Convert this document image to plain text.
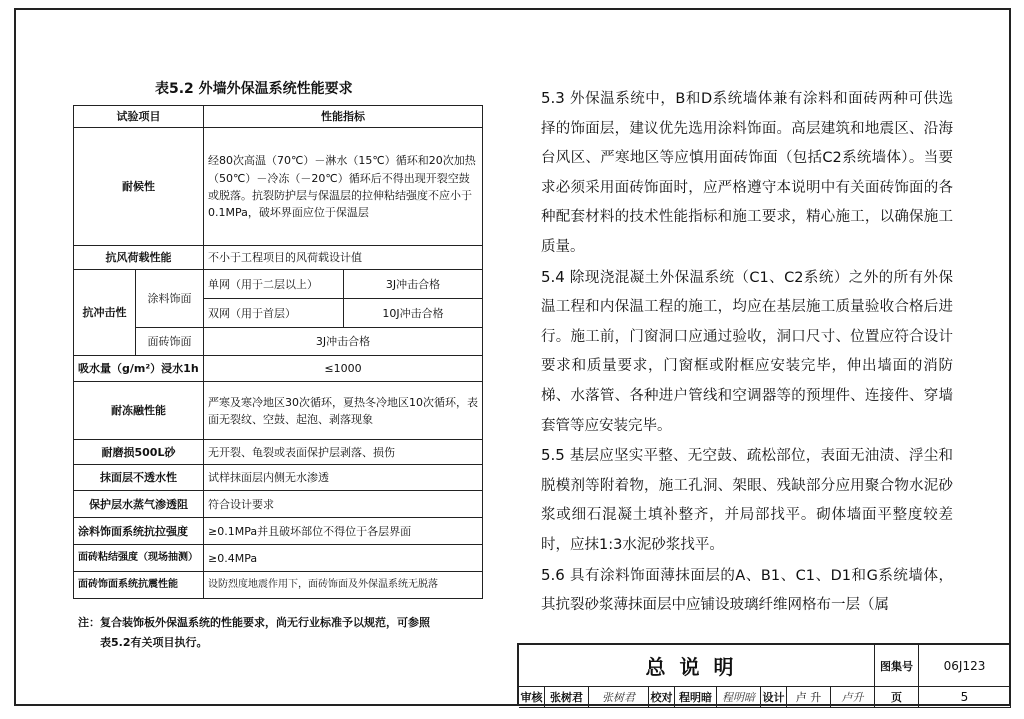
表5.2 外墙外保温系统性能要求
试验项目		性能指标	
耐候性		经80次高温（70℃）－淋水（15℃）循环和20次加热（50℃）－冷冻（－20℃）循环后不得出现开裂空鼓或脱落。抗裂防护层与保温层的拉伸粘结强度不应小于0.1MPa，破坏界面应位于保温层	
抗风荷载性能		不小于工程项目的风荷载设计值	
抗冲击性	涂料饰面	单网（用于二层以上）	3J冲击合格
		双网（用于首层）	10J冲击合格
	面砖饰面	3J冲击合格	
吸水量（g/m²）浸水1h		≤1000	
耐冻融性能		严寒及寒冷地区30次循环，夏热冬冷地区10次循环，表面无裂纹、空鼓、起泡、剥落现象	
耐磨损500L砂		无开裂、龟裂或表面保护层剥落、损伤	
抹面层不透水性		试样抹面层内侧无水渗透	
保护层水蒸气渗透阻		符合设计要求	
涂料饰面系统抗拉强度		≥0.1MPa并且破坏部位不得位于各层界面	
面砖粘结强度（现场抽测）		≥0.4MPa	
面砖饰面系统抗震性能		设防烈度地震作用下，面砖饰面及外保温系统无脱落	
注：复合装饰板外保温系统的性能要求，尚无行业标准予以规范，可参照
表5.2有关项目执行。

5.3 外保温系统中，B和D系统墙体兼有涂料和面砖两种可供选择的饰面层，建议优先选用涂料饰面。高层建筑和地震区、沿海台风区、严寒地区等应慎用面砖饰面（包括C2系统墙体）。当要求必须采用面砖饰面时，应严格遵守本说明中有关面砖饰面的各种配套材料的技术性能指标和施工要求，精心施工，以确保施工质量。

5.4 除现浇混凝土外保温系统（C1、C2系统）之外的所有外保温工程和内保温工程的施工，均应在基层施工质量验收合格后进行。施工前，门窗洞口应通过验收，洞口尺寸、位置应符合设计要求和质量要求，门窗框或附框应安装完毕，伸出墙面的消防梯、水落管、各种进户管线和空调器等的预埋件、连接件、穿墙套管等应安装完毕。

5.5 基层应坚实平整、无空鼓、疏松部位，表面无油渍、浮尘和脱模剂等附着物，施工孔洞、架眼、残缺部分应用聚合物水泥砂浆或细石混凝土填补整齐，并局部找平。砌体墙面平整度较差时，应抹1:3水泥砂浆找平。

5.6 具有涂料饰面薄抹面层的A、B1、C1、D1和G系统墙体，其抗裂砂浆薄抹面层中应铺设玻璃纤维网格布一层（属

总说明	图集号	06J123
审核 张树君	张树君	校对 程明暗 程明暗 设计	卢 升	卢升	页	5
